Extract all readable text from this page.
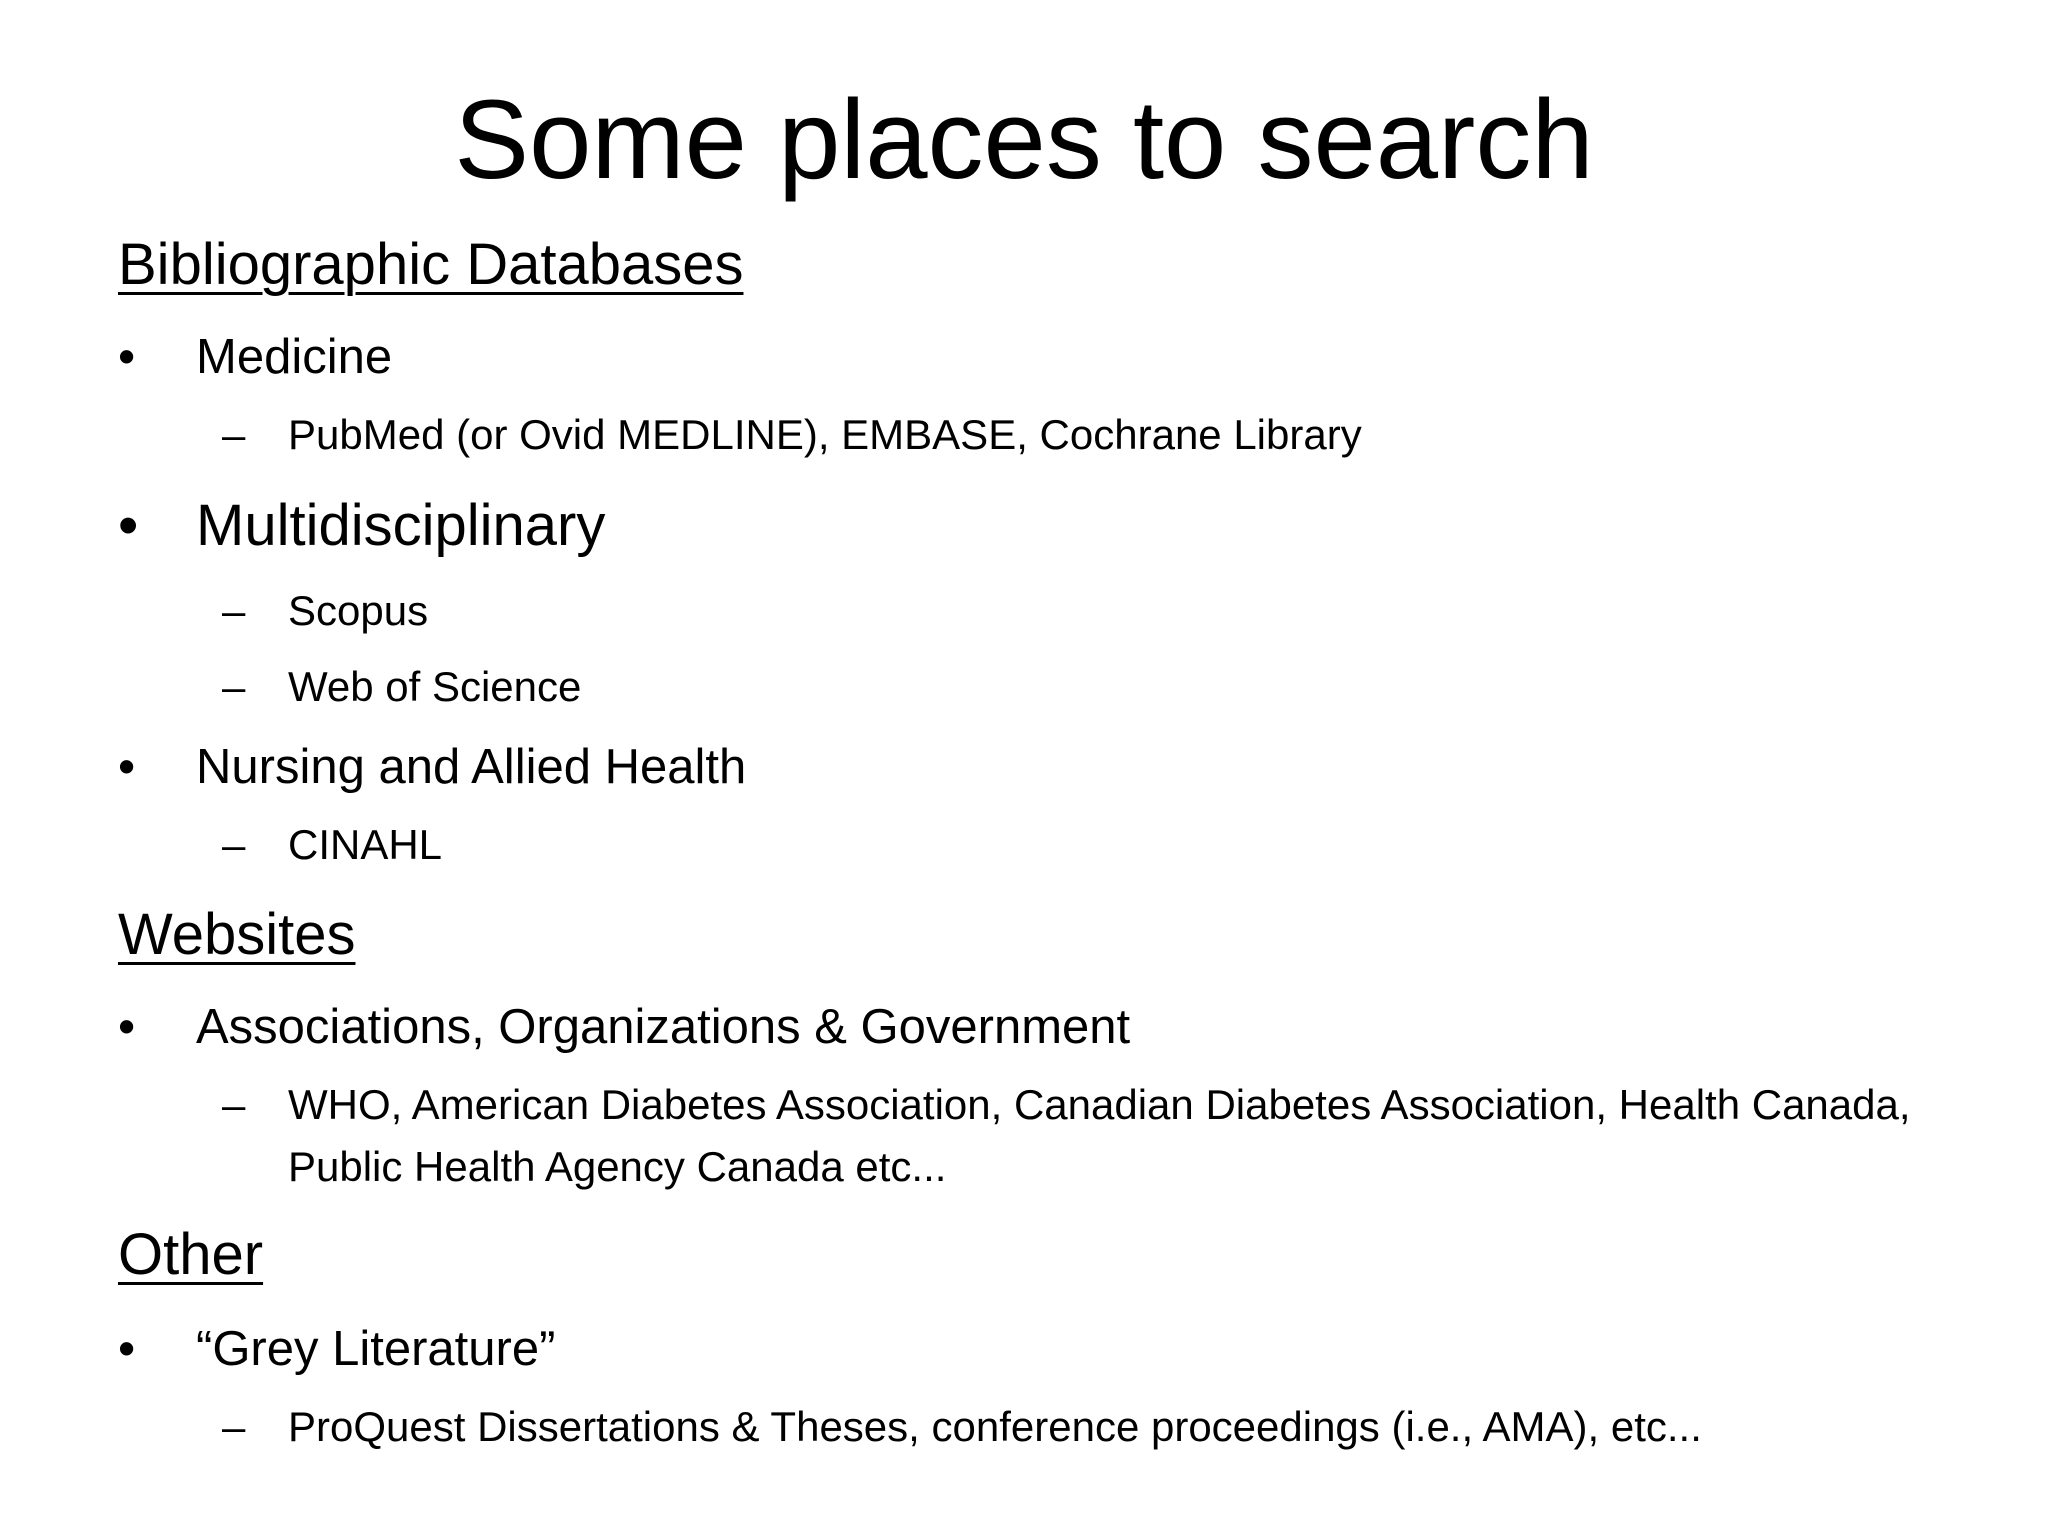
Some places to search
Bibliographic Databases
• Medicine
– PubMed (or Ovid MEDLINE), EMBASE, Cochrane Library
• Multidisciplinary
– Scopus
– Web of Science
• Nursing and Allied Health
– CINAHL
Websites
• Associations, Organizations & Government
– WHO, American Diabetes Association, Canadian Diabetes Association, Health Canada, Public Health Agency Canada etc...
Other
• “Grey Literature”
– ProQuest Dissertations & Theses, conference proceedings (i.e., AMA), etc...
